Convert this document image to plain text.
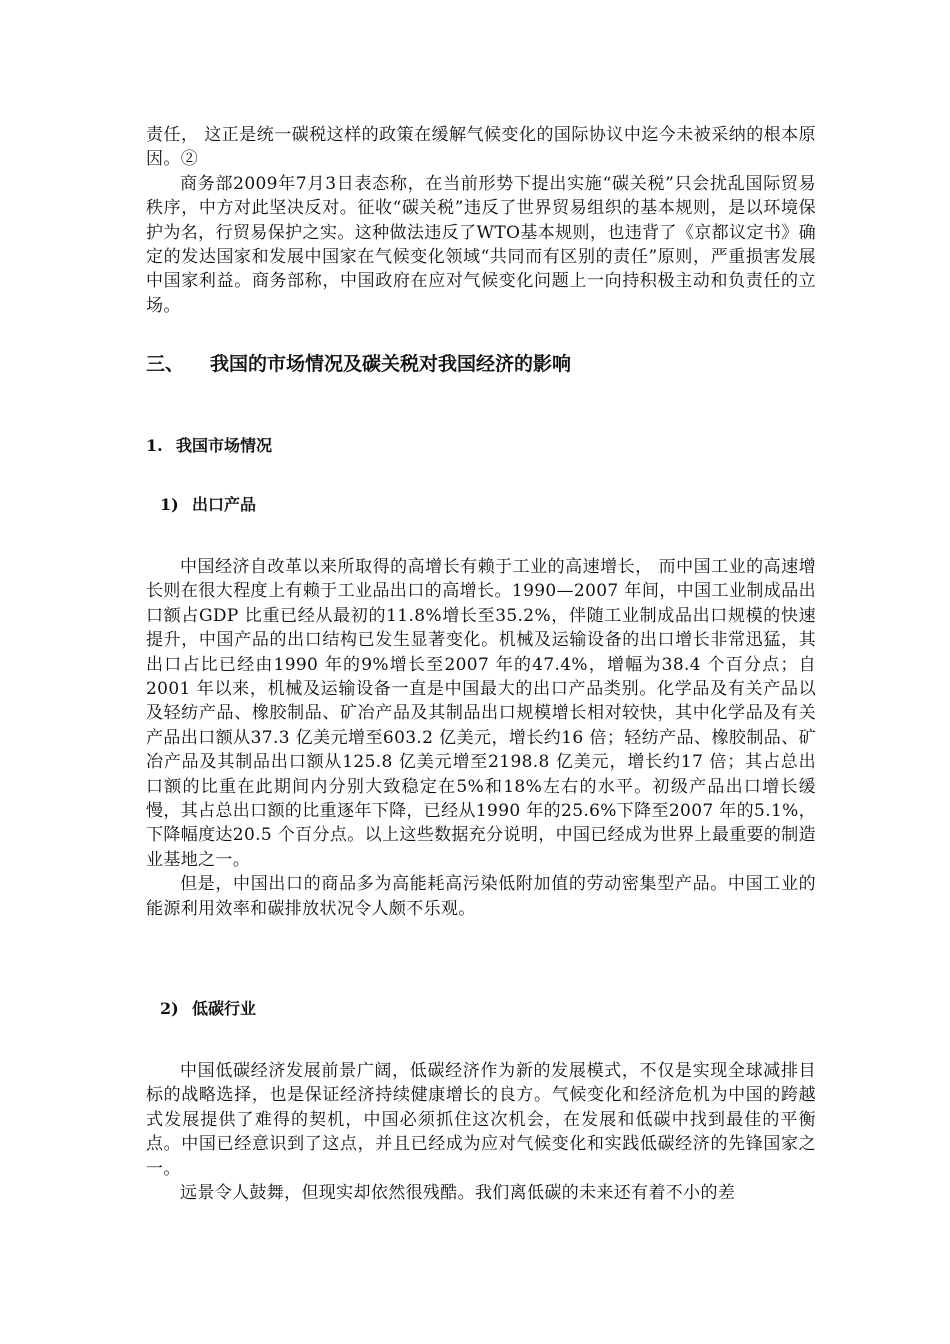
责任， 这正是统一碳税这样的政策在缓解气候变化的国际协议中迄今未被采纳的根本原因。②

商务部2009年7月3日表态称，在当前形势下提出实施“碳关税”只会扰乱国际贸易秩序，中方对此坚决反对。征收“碳关税”违反了世界贸易组织的基本规则，是以环境保护为名，行贸易保护之实。这种做法违反了WTO基本规则，也违背了《京都议定书》确定的发达国家和发展中国家在气候变化领域“共同而有区别的责任”原则，严重损害发展中国家利益。商务部称，中国政府在应对气候变化问题上一向持积极主动和负责任的立场。

三、 我国的市场情况及碳关税对我国经济的影响
1. 我国市场情况
1) 出口产品

中国经济自改革以来所取得的高增长有赖于工业的高速增长， 而中国工业的高速增长则在很大程度上有赖于工业品出口的高增长。1990—2007 年间，中国工业制成品出口额占GDP 比重已经从最初的11.8%增长至35.2%，伴随工业制成品出口规模的快速提升，中国产品的出口结构已发生显著变化。机械及运输设备的出口增长非常迅猛，其出口占比已经由1990 年的9%增长至2007 年的47.4%，增幅为38.4 个百分点；自2001 年以来，机械及运输设备一直是中国最大的出口产品类别。化学品及有关产品以及轻纺产品、橡胶制品、矿冶产品及其制品出口规模增长相对较快，其中化学品及有关产品出口额从37.3 亿美元增至603.2 亿美元，增长约16 倍；轻纺产品、橡胶制品、矿冶产品及其制品出口额从125.8 亿美元增至2198.8 亿美元，增长约17 倍；其占总出口额的比重在此期间内分别大致稳定在5%和18%左右的水平。初级产品出口增长缓慢，其占总出口额的比重逐年下降，已经从1990 年的25.6%下降至2007 年的5.1%，下降幅度达20.5 个百分点。以上这些数据充分说明，中国已经成为世界上最重要的制造业基地之一。

但是，中国出口的商品多为高能耗高污染低附加值的劳动密集型产品。中国工业的能源利用效率和碳排放状况令人颇不乐观。

2) 低碳行业

中国低碳经济发展前景广阔，低碳经济作为新的发展模式，不仅是实现全球减排目标的战略选择，也是保证经济持续健康增长的良方。气候变化和经济危机为中国的跨越式发展提供了难得的契机，中国必须抓住这次机会，在发展和低碳中找到最佳的平衡点。中国已经意识到了这点，并且已经成为应对气候变化和实践低碳经济的先锋国家之一。

远景令人鼓舞，但现实却依然很残酷。我们离低碳的未来还有着不小的差
